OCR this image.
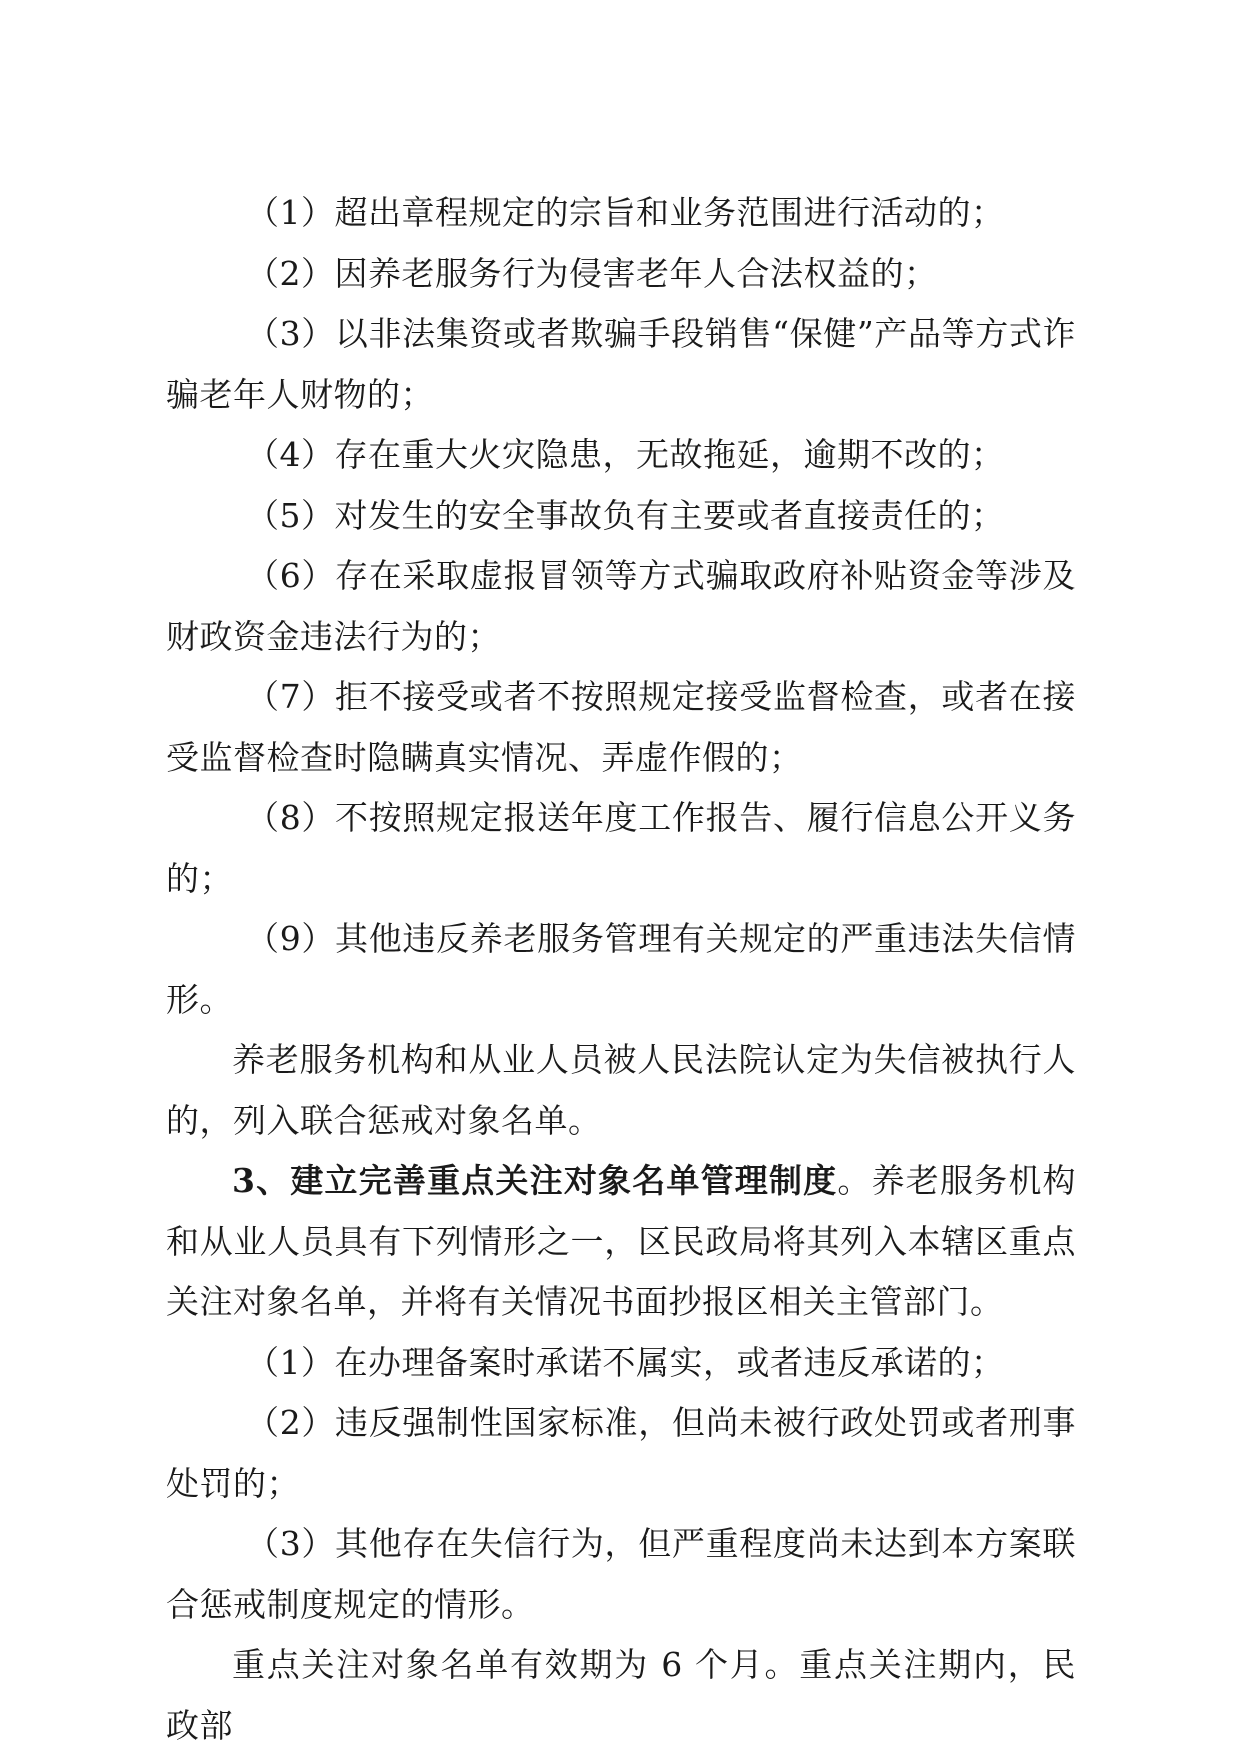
（1）超出章程规定的宗旨和业务范围进行活动的；

（2）因养老服务行为侵害老年人合法权益的；

（3）以非法集资或者欺骗手段销售“保健”产品等方式诈骗老年人财物的；

（4）存在重大火灾隐患，无故拖延，逾期不改的；

（5）对发生的安全事故负有主要或者直接责任的；

（6）存在采取虚报冒领等方式骗取政府补贴资金等涉及财政资金违法行为的；

（7）拒不接受或者不按照规定接受监督检查，或者在接受监督检查时隐瞒真实情况、弄虚作假的；

（8）不按照规定报送年度工作报告、履行信息公开义务的；

（9）其他违反养老服务管理有关规定的严重违法失信情形。

养老服务机构和从业人员被人民法院认定为失信被执行人的，列入联合惩戒对象名单。

3、建立完善重点关注对象名单管理制度。养老服务机构和从业人员具有下列情形之一，区民政局将其列入本辖区重点关注对象名单，并将有关情况书面抄报区相关主管部门。

（1）在办理备案时承诺不属实，或者违反承诺的；

（2）违反强制性国家标准，但尚未被行政处罚或者刑事处罚的；

（3）其他存在失信行为，但严重程度尚未达到本方案联合惩戒制度规定的情形。

重点关注对象名单有效期为 6 个月。重点关注期内，民政部
